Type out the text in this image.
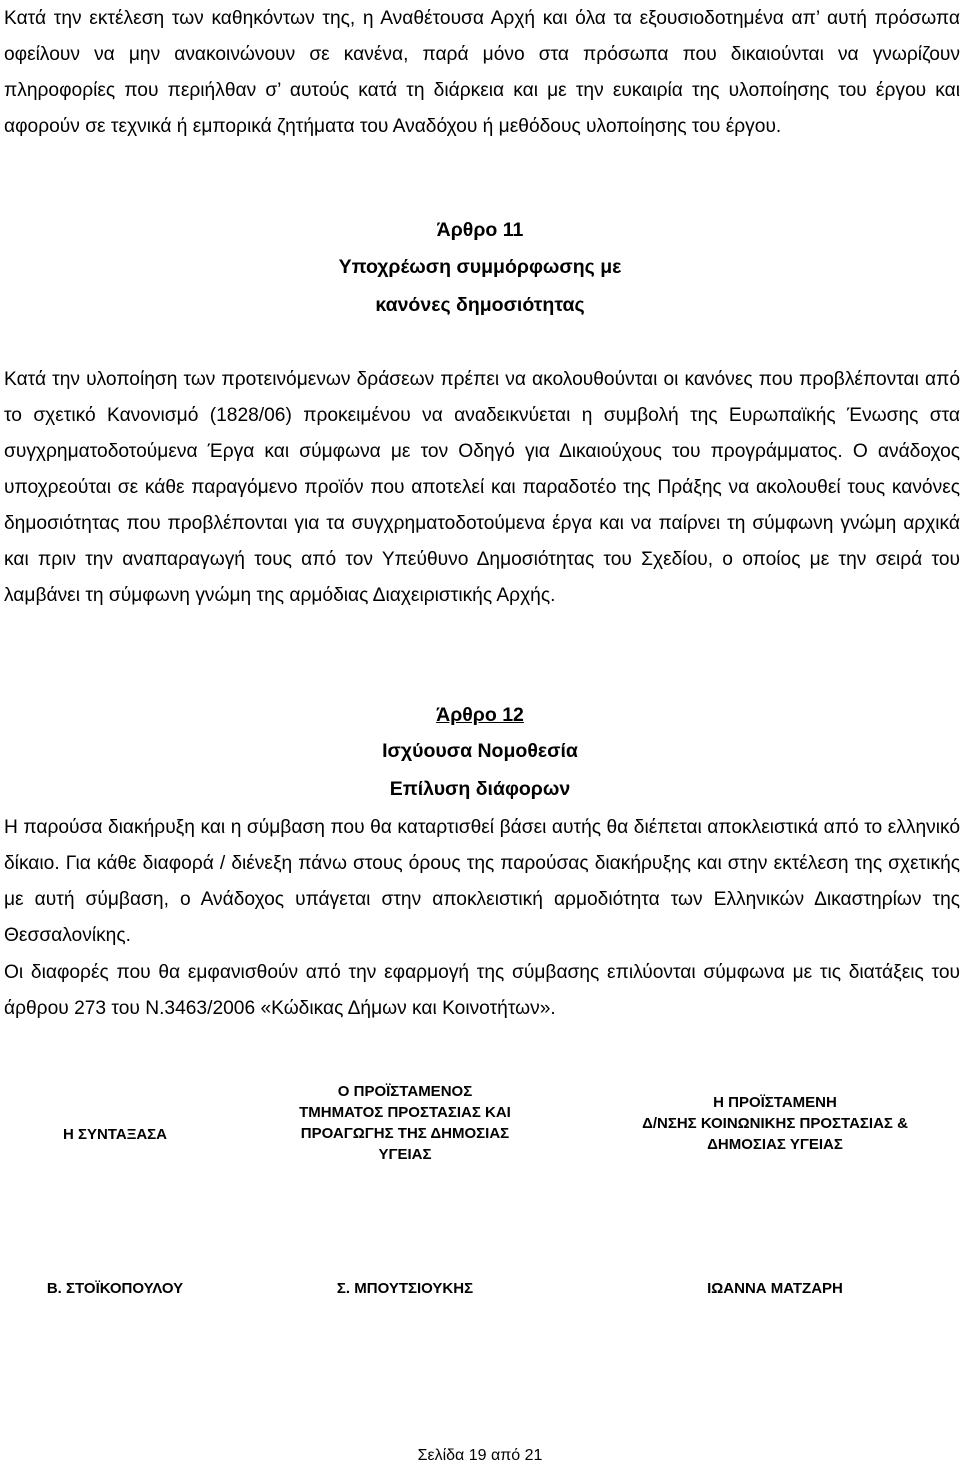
Κατά την εκτέλεση των καθηκόντων της, η Αναθέτουσα Αρχή και όλα τα εξουσιοδοτημένα απ’ αυτή πρόσωπα οφείλουν να μην ανακοινώνουν σε κανένα, παρά μόνο στα πρόσωπα που δικαιούνται να γνωρίζουν πληροφορίες που περιήλθαν σ’ αυτούς κατά τη διάρκεια και με την ευκαιρία της υλοποίησης του έργου και αφορούν σε τεχνικά ή εμπορικά ζητήματα του Αναδόχου ή μεθόδους υλοποίησης του έργου.

Άρθρο 11

Υποχρέωση συμμόρφωσης με

κανόνες δημοσιότητας

Κατά την υλοποίηση των προτεινόμενων δράσεων πρέπει να ακολουθούνται οι κανόνες που προβλέπονται από το σχετικό Κανονισμό (1828/06) προκειμένου να αναδεικνύεται η συμβολή της Ευρωπαϊκής Ένωσης στα συγχρηματοδοτούμενα Έργα και σύμφωνα με τον Οδηγό για Δικαιούχους του προγράμματος. Ο ανάδοχος υποχρεούται σε κάθε παραγόμενο προϊόν που αποτελεί και παραδοτέο της Πράξης να ακολουθεί τους κανόνες δημοσιότητας που προβλέπονται για τα συγχρηματοδοτούμενα έργα και να παίρνει τη σύμφωνη γνώμη αρχικά και πριν την αναπαραγωγή τους από τον Υπεύθυνο Δημοσιότητας του Σχεδίου, ο οποίος με την σειρά του λαμβάνει τη σύμφωνη γνώμη της αρμόδιας Διαχειριστικής Αρχής.

Άρθρο 12

Ισχύουσα Νομοθεσία

Επίλυση διάφορων

Η παρούσα διακήρυξη και η σύμβαση που θα καταρτισθεί βάσει αυτής θα διέπεται αποκλειστικά από το ελληνικό δίκαιο. Για κάθε διαφορά / διένεξη πάνω στους όρους της παρούσας διακήρυξης και στην εκτέλεση της σχετικής με αυτή σύμβαση, ο Ανάδοχος υπάγεται στην αποκλειστική αρμοδιότητα των Ελληνικών Δικαστηρίων της Θεσσαλονίκης.

Οι διαφορές που θα εμφανισθούν από την εφαρμογή της σύμβασης επιλύονται σύμφωνα με τις διατάξεις του άρθρου 273 του Ν.3463/2006 «Κώδικας Δήμων και Κοινοτήτων».

Η ΣΥΝΤΑΞΑΣΑ
Ο ΠΡΟΪΣΤΑΜΕΝΟΣ
ΤΜΗΜΑΤΟΣ ΠΡΟΣΤΑΣΙΑΣ ΚΑΙ
ΠΡΟΑΓΩΓΗΣ ΤΗΣ ΔΗΜΟΣΙΑΣ
ΥΓΕΙΑΣ
Η ΠΡΟΪΣΤΑΜΕΝΗ
Δ/ΝΣΗΣ ΚΟΙΝΩΝΙΚΗΣ ΠΡΟΣΤΑΣΙΑΣ &
ΔΗΜΟΣΙΑΣ ΥΓΕΙΑΣ

Β. ΣΤΟΪΚΟΠΟΥΛΟΥ	Σ. ΜΠΟΥΤΣΙΟΥΚΗΣ	ΙΩΑΝΝΑ ΜΑΤΖΑΡΗ

Σελίδα 19 από 21
